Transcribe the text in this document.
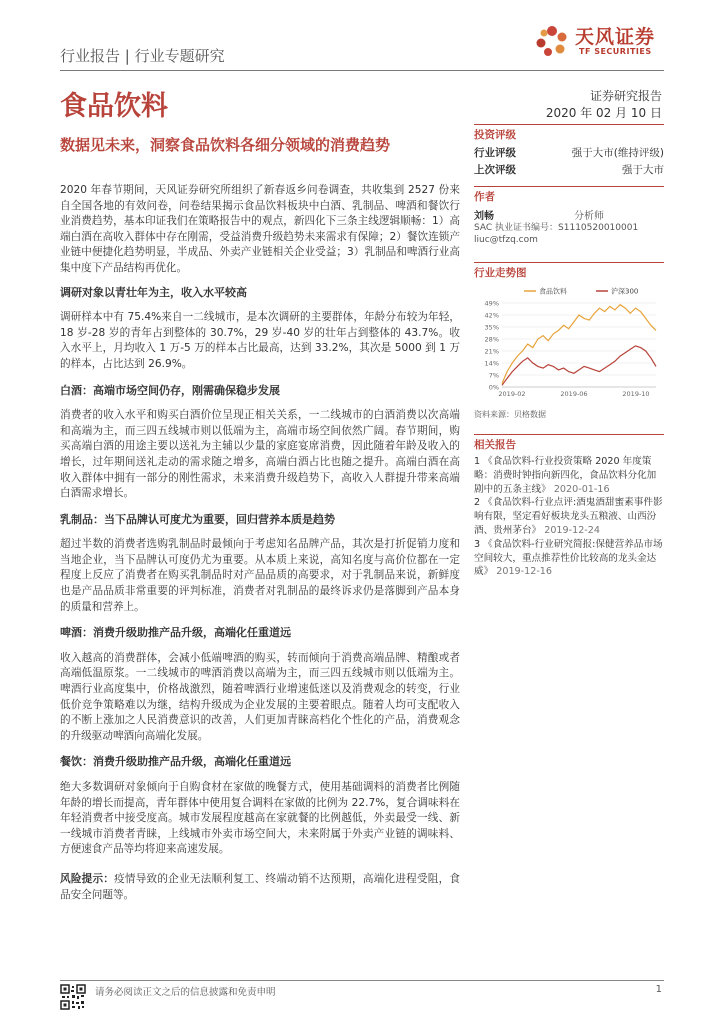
行业报告 | 行业专题研究
天风证券
TF SECURITIES
食品饮料	证券研究报告
2020 年 02 月 10 日
数据见未来，洞察食品饮料各细分领域的消费趋势

2020 年春节期间，天风证券研究所组织了新春返乡问卷调查，共收集到 2527 份来自全国各地的有效问卷，问卷结果揭示食品饮料板块中白酒、乳制品、啤酒和餐饮行业消费趋势，基本印证我们在策略报告中的观点，新四化下三条主线逻辑顺畅：1）高端白酒在高收入群体中存在刚需，受益消费升级趋势未来需求有保障；2）餐饮连锁产业链中便捷化趋势明显，半成品、外卖产业链相关企业受益；3）乳制品和啤酒行业高集中度下产品结构再优化。

调研对象以青壮年为主，收入水平较高

调研样本中有 75.4%来自一二线城市，是本次调研的主要群体，年龄分布较为年轻，18 岁-28 岁的青年占到整体的 30.7%，29 岁-40 岁的壮年占到整体的 43.7%。收入水平上，月均收入 1 万-5 万的样本占比最高，达到 33.2%，其次是 5000 到 1 万的样本，占比达到 26.9%。

白酒：高端市场空间仍存，刚需确保稳步发展

消费者的收入水平和购买白酒价位呈现正相关关系，一二线城市的白酒消费以次高端和高端为主，而三四五线城市则以低端为主，高端市场空间依然广阔。春节期间，购买高端白酒的用途主要以送礼为主辅以少量的家庭宴席消费，因此随着年龄及收入的增长，过年期间送礼走动的需求随之增多，高端白酒占比也随之提升。高端白酒在高收入群体中拥有一部分的刚性需求，未来消费升级趋势下，高收入人群提升带来高端白酒需求增长。

乳制品：当下品牌认可度尤为重要，回归营养本质是趋势

超过半数的消费者选购乳制品时最倾向于考虑知名品牌产品，其次是打折促销力度和当地企业，当下品牌认可度仍尤为重要。从本质上来说，高知名度与高价位都在一定程度上反应了消费者在购买乳制品时对产品品质的高要求，对于乳制品来说，新鲜度也是产品品质非常重要的评判标准，消费者对乳制品的最终诉求仍是落脚到产品本身的质量和营养上。

啤酒：消费升级助推产品升级，高端化任重道远

收入越高的消费群体，会减小低端啤酒的购买，转而倾向于消费高端品牌、精酿或者高端低温原浆。一二线城市的啤酒消费以高端为主，而三四五线城市则以低端为主。啤酒行业高度集中，价格战激烈，随着啤酒行业增速低迷以及消费观念的转变，行业低价竞争策略难以为继，结构升级成为企业发展的主要着眼点。随着人均可支配收入的不断上涨加之人民消费意识的改善，人们更加青睐高档化个性化的产品，消费观念的升级驱动啤酒向高端化发展。

餐饮：消费升级助推产品升级，高端化任重道远

绝大多数调研对象倾向于自购食材在家做的晚餐方式，使用基础调料的消费者比例随年龄的增长而提高，青年群体中使用复合调料在家做的比例为 22.7%，复合调味料在年轻消费者中接受度高。城市发展程度越高在家就餐的比例越低，外卖最受一线、新一线城市消费者青睐，上线城市外卖市场空间大，未来附属于外卖产业链的调味料、方便速食产品等均将迎来高速发展。

风险提示：疫情导致的企业无法顺利复工、终端动销不达预期，高端化进程受阻，食品安全问题等。

投资评级
行业评级	强于大市(维持评级)
上次评级	强于大市
作者
刘畅	分析师
SAC 执业证书编号：S1110520010001
liuc@tfzq.com
行业走势图
0%
7%
14%
21%
28%
35%
42%
49%
2019-02	2019-06	2019-10
食品饮料	沪深300
资料来源：贝格数据
相关报告
1 《食品饮料-行业投资策略 2020 年度策略：消费时钟指向新四化，食品饮料分化加剧中的五条主线》 2020-01-16
2 《食品饮料-行业点评:酒鬼酒甜蜜素事件影响有限，坚定看好板块龙头五粮液、山西汾酒、贵州茅台》 2019-12-24
3 《食品饮料-行业研究简报:保健营养品市场空间较大，重点推荐性价比较高的龙头金达威》 2019-12-16
请务必阅读正文之后的信息披露和免责申明	1
